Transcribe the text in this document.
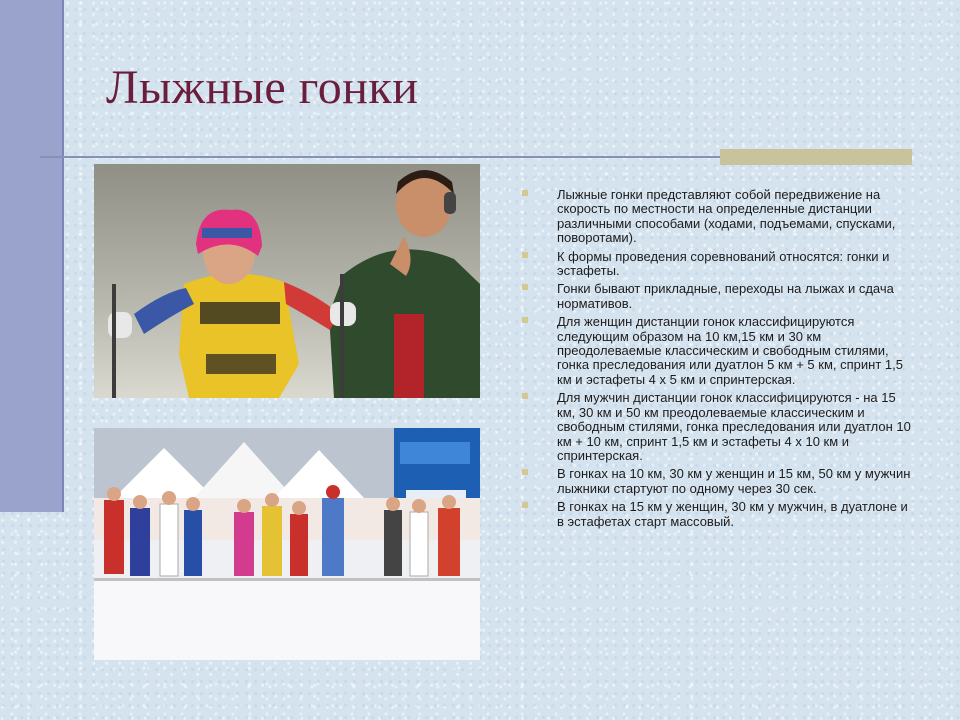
Лыжные гонки
Лыжные гонки представляют собой передвижение на скорость по местности на определенные дистанции различными способами (ходами, подъемами, спусками, поворотами).
К формы проведения соревнований относятся: гонки и эстафеты.
Гонки бывают прикладные, переходы на лыжах и сдача нормативов.
Для женщин дистанции гонок классифицируются следующим образом на 10 км,15 км и 30 км преодолеваемые классическим и свободным стилями, гонка преследования или дуатлон 5 км + 5 км, спринт 1,5 км и эстафеты 4 х 5 км и спринтерская.
Для мужчин дистанции гонок классифицируются - на 15 км, 30 км и 50 км преодолеваемые классическим и свободным стилями, гонка преследования или дуатлон 10 км + 10 км, спринт 1,5 км и эстафеты 4 х 10 км и спринтерская.
В гонках на 10 км, 30 км у женщин и 15 км, 50 км у мужчин лыжники стартуют по одному через 30 сек.
В гонках на 15 км у женщин, 30 км у мужчин, в дуатлоне и в эстафетах старт массовый.
